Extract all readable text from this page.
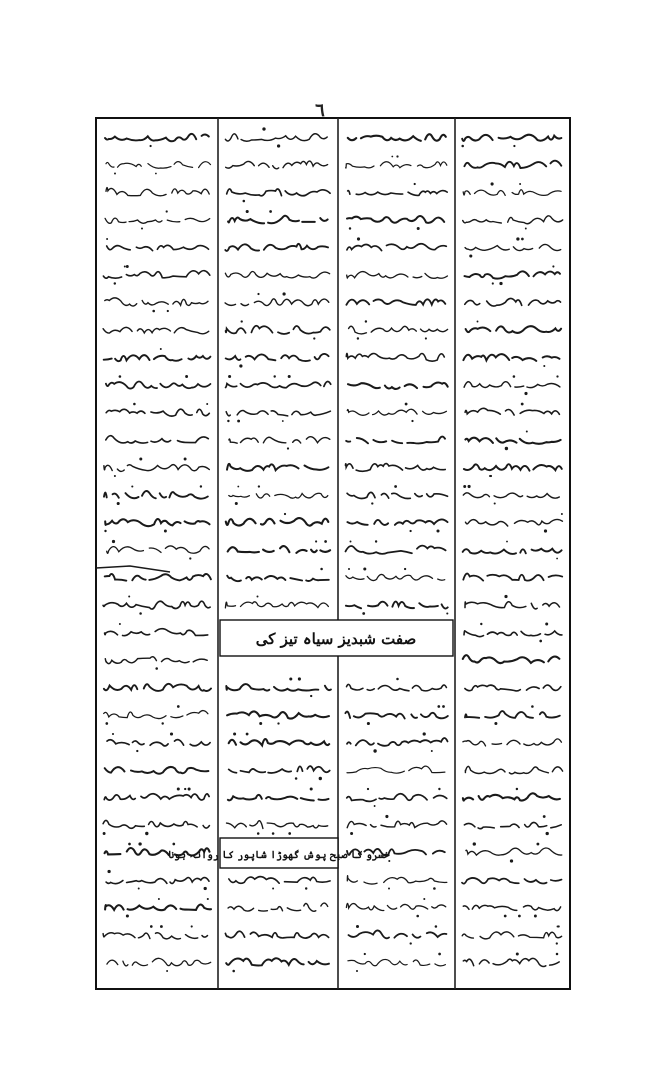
٦
صفت شبدیز سیاہ تیز کی
خسرو کا صبح پوش گھوڑا شاپور کا روانہ ہونا
